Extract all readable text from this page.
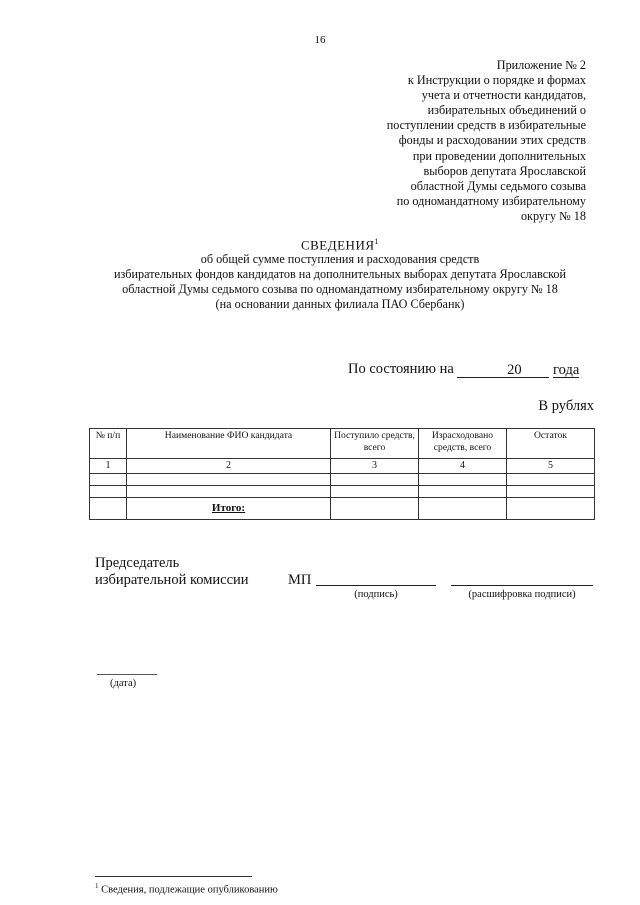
16
Приложение № 2
к Инструкции о порядке и формах
учета и отчетности кандидатов,
избирательных объединений о
поступлении средств в избирательные
фонды и расходовании этих средств
при проведении дополнительных
выборов депутата Ярославской
областной Думы седьмого созыва
по одномандатному избирательному
округу № 18
СВЕДЕНИЯ$^1$
об общей сумме поступления и расходования средств
избирательных фондов кандидатов на дополнительных выборах депутата Ярославской
областной Думы седьмого созыва по одномандатному избирательному округу № 18
(на основании данных филиала ПАО Сбербанк)
По состоянию на	20 года
В рублях
№ п/п	Наименование ФИО кандидата	Поступило средств, всего	Израсходовано средств, всего	Остаток
1	2	3	4	5

	Итого:			
Председатель
избирательной комиссии	МП
(подпись)	(расшифровка подписи)
(дата)
$^1$ Сведения, подлежащие опубликованию
